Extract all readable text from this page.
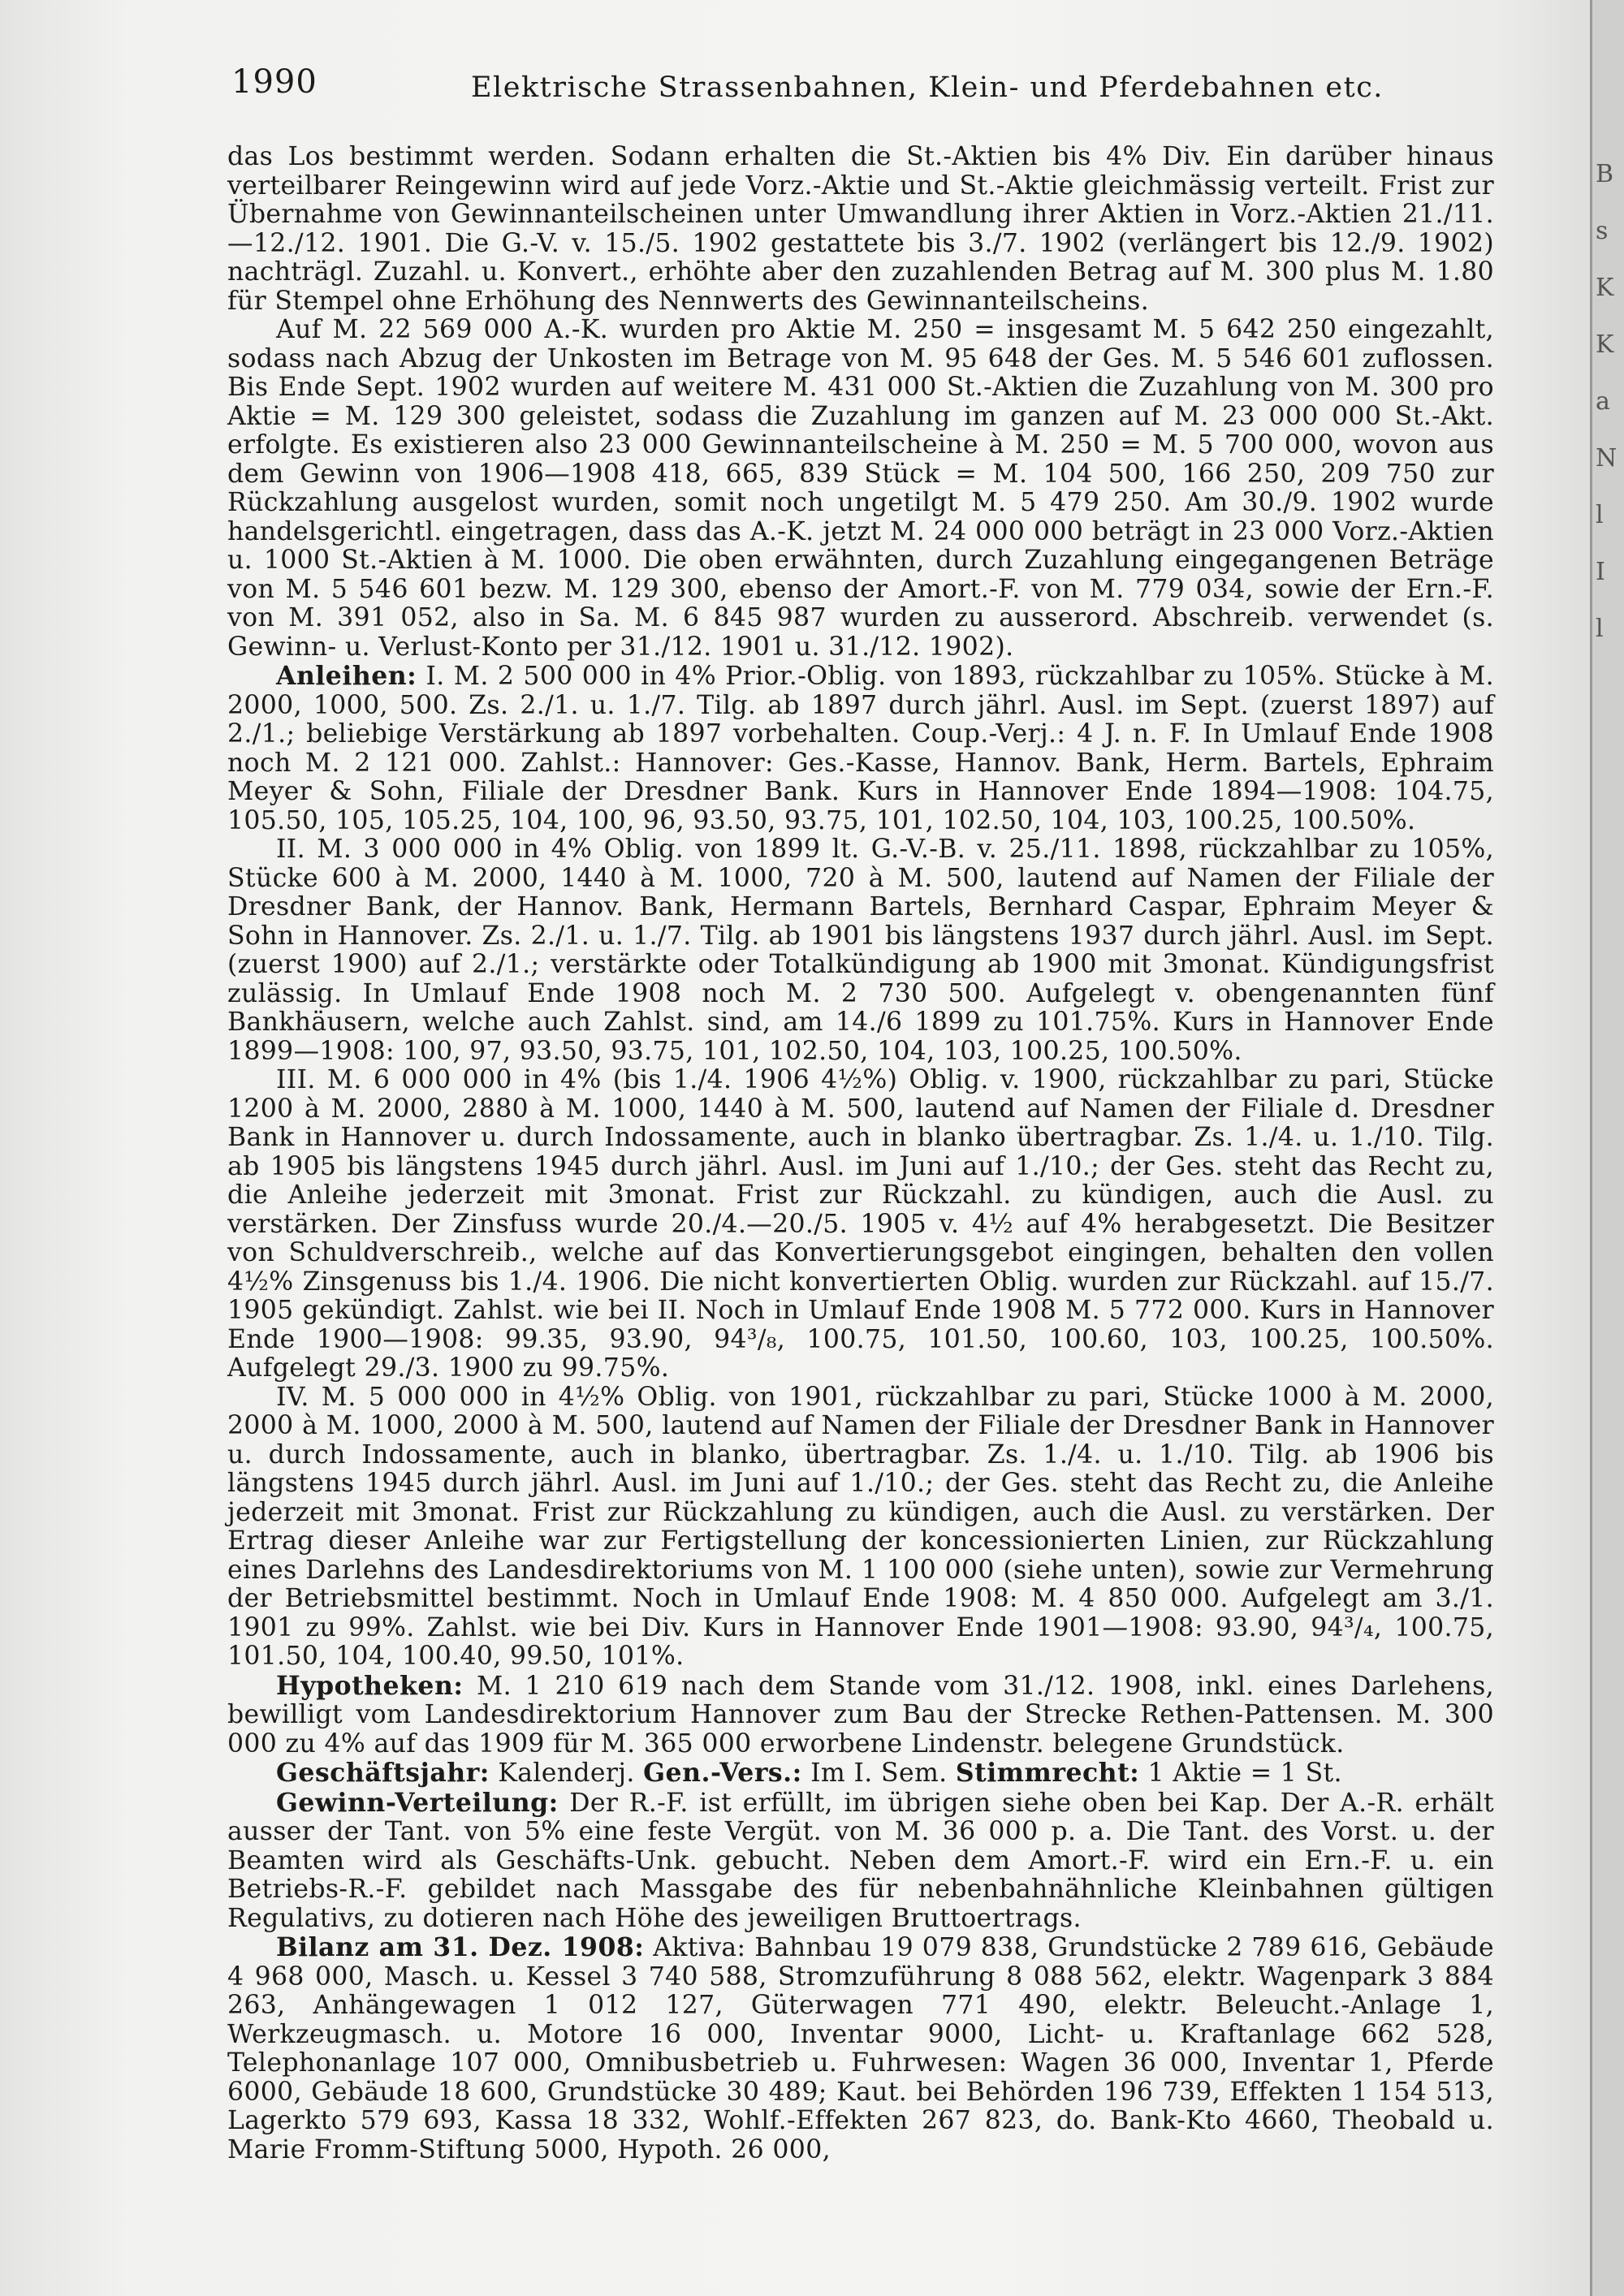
B
s
K
K
a
N
l
I
l
1990	Elektrische Strassenbahnen, Klein- und Pferdebahnen etc.

das Los bestimmt werden. Sodann erhalten die St.-Aktien bis 4% Div. Ein darüber hinaus verteilbarer Reingewinn wird auf jede Vorz.-Aktie und St.-Aktie gleichmässig verteilt. Frist zur Übernahme von Gewinnanteilscheinen unter Umwandlung ihrer Aktien in Vorz.-Aktien 21./11.—12./12. 1901. Die G.-V. v. 15./5. 1902 gestattete bis 3./7. 1902 (verlängert bis 12./9. 1902) nachträgl. Zuzahl. u. Konvert., erhöhte aber den zuzahlenden Betrag auf M. 300 plus M. 1.80 für Stempel ohne Erhöhung des Nennwerts des Gewinnanteilscheins.

Auf M. 22 569 000 A.-K. wurden pro Aktie M. 250 = insgesamt M. 5 642 250 eingezahlt, sodass nach Abzug der Unkosten im Betrage von M. 95 648 der Ges. M. 5 546 601 zuflossen. Bis Ende Sept. 1902 wurden auf weitere M. 431 000 St.-Aktien die Zuzahlung von M. 300 pro Aktie = M. 129 300 geleistet, sodass die Zuzahlung im ganzen auf M. 23 000 000 St.-Akt. erfolgte. Es existieren also 23 000 Gewinnanteilscheine à M. 250 = M. 5 700 000, wovon aus dem Gewinn von 1906—1908 418, 665, 839 Stück = M. 104 500, 166 250, 209 750 zur Rückzahlung ausgelost wurden, somit noch ungetilgt M. 5 479 250. Am 30./9. 1902 wurde handelsgerichtl. eingetragen, dass das A.-K. jetzt M. 24 000 000 beträgt in 23 000 Vorz.-Aktien u. 1000 St.-Aktien à M. 1000. Die oben erwähnten, durch Zuzahlung eingegangenen Beträge von M. 5 546 601 bezw. M. 129 300, ebenso der Amort.-F. von M. 779 034, sowie der Ern.-F. von M. 391 052, also in Sa. M. 6 845 987 wurden zu ausserord. Abschreib. verwendet (s. Gewinn- u. Verlust-Konto per 31./12. 1901 u. 31./12. 1902).

Anleihen: I. M. 2 500 000 in 4% Prior.-Oblig. von 1893, rückzahlbar zu 105%. Stücke à M. 2000, 1000, 500. Zs. 2./1. u. 1./7. Tilg. ab 1897 durch jährl. Ausl. im Sept. (zuerst 1897) auf 2./1.; beliebige Verstärkung ab 1897 vorbehalten. Coup.-Verj.: 4 J. n. F. In Umlauf Ende 1908 noch M. 2 121 000. Zahlst.: Hannover: Ges.-Kasse, Hannov. Bank, Herm. Bartels, Ephraim Meyer & Sohn, Filiale der Dresdner Bank. Kurs in Hannover Ende 1894—1908: 104.75, 105.50, 105, 105.25, 104, 100, 96, 93.50, 93.75, 101, 102.50, 104, 103, 100.25, 100.50%.

II. M. 3 000 000 in 4% Oblig. von 1899 lt. G.-V.-B. v. 25./11. 1898, rückzahlbar zu 105%, Stücke 600 à M. 2000, 1440 à M. 1000, 720 à M. 500, lautend auf Namen der Filiale der Dresdner Bank, der Hannov. Bank, Hermann Bartels, Bernhard Caspar, Ephraim Meyer & Sohn in Hannover. Zs. 2./1. u. 1./7. Tilg. ab 1901 bis längstens 1937 durch jährl. Ausl. im Sept. (zuerst 1900) auf 2./1.; verstärkte oder Totalkündigung ab 1900 mit 3monat. Kündigungsfrist zulässig. In Umlauf Ende 1908 noch M. 2 730 500. Aufgelegt v. obengenannten fünf Bankhäusern, welche auch Zahlst. sind, am 14./6 1899 zu 101.75%. Kurs in Hannover Ende 1899—1908: 100, 97, 93.50, 93.75, 101, 102.50, 104, 103, 100.25, 100.50%.

III. M. 6 000 000 in 4% (bis 1./4. 1906 4½%) Oblig. v. 1900, rückzahlbar zu pari, Stücke 1200 à M. 2000, 2880 à M. 1000, 1440 à M. 500, lautend auf Namen der Filiale d. Dresdner Bank in Hannover u. durch Indossamente, auch in blanko übertragbar. Zs. 1./4. u. 1./10. Tilg. ab 1905 bis längstens 1945 durch jährl. Ausl. im Juni auf 1./10.; der Ges. steht das Recht zu, die Anleihe jederzeit mit 3monat. Frist zur Rückzahl. zu kündigen, auch die Ausl. zu verstärken. Der Zinsfuss wurde 20./4.—20./5. 1905 v. 4½ auf 4% herabgesetzt. Die Besitzer von Schuldverschreib., welche auf das Konvertierungsgebot eingingen, behalten den vollen 4½% Zinsgenuss bis 1./4. 1906. Die nicht konvertierten Oblig. wurden zur Rückzahl. auf 15./7. 1905 gekündigt. Zahlst. wie bei II. Noch in Umlauf Ende 1908 M. 5 772 000. Kurs in Hannover Ende 1900—1908: 99.35, 93.90, 94³/₈, 100.75, 101.50, 100.60, 103, 100.25, 100.50%. Aufgelegt 29./3. 1900 zu 99.75%.

IV. M. 5 000 000 in 4½% Oblig. von 1901, rückzahlbar zu pari, Stücke 1000 à M. 2000, 2000 à M. 1000, 2000 à M. 500, lautend auf Namen der Filiale der Dresdner Bank in Hannover u. durch Indossamente, auch in blanko, übertragbar. Zs. 1./4. u. 1./10. Tilg. ab 1906 bis längstens 1945 durch jährl. Ausl. im Juni auf 1./10.; der Ges. steht das Recht zu, die Anleihe jederzeit mit 3monat. Frist zur Rückzahlung zu kündigen, auch die Ausl. zu verstärken. Der Ertrag dieser Anleihe war zur Fertigstellung der koncessionierten Linien, zur Rückzahlung eines Darlehns des Landesdirektoriums von M. 1 100 000 (siehe unten), sowie zur Vermehrung der Betriebsmittel bestimmt. Noch in Umlauf Ende 1908: M. 4 850 000. Aufgelegt am 3./1. 1901 zu 99%. Zahlst. wie bei Div. Kurs in Hannover Ende 1901—1908: 93.90, 94³/₄, 100.75, 101.50, 104, 100.40, 99.50, 101%.

Hypotheken: M. 1 210 619 nach dem Stande vom 31./12. 1908, inkl. eines Darlehens, bewilligt vom Landesdirektorium Hannover zum Bau der Strecke Rethen-Pattensen. M. 300 000 zu 4% auf das 1909 für M. 365 000 erworbene Lindenstr. belegene Grundstück.

Geschäftsjahr: Kalenderj. Gen.-Vers.: Im I. Sem. Stimmrecht: 1 Aktie = 1 St.

Gewinn-Verteilung: Der R.-F. ist erfüllt, im übrigen siehe oben bei Kap. Der A.-R. erhält ausser der Tant. von 5% eine feste Vergüt. von M. 36 000 p. a. Die Tant. des Vorst. u. der Beamten wird als Geschäfts-Unk. gebucht. Neben dem Amort.-F. wird ein Ern.-F. u. ein Betriebs-R.-F. gebildet nach Massgabe des für nebenbahnähnliche Kleinbahnen gültigen Regulativs, zu dotieren nach Höhe des jeweiligen Bruttoertrags.

Bilanz am 31. Dez. 1908: Aktiva: Bahnbau 19 079 838, Grundstücke 2 789 616, Gebäude 4 968 000, Masch. u. Kessel 3 740 588, Stromzuführung 8 088 562, elektr. Wagenpark 3 884 263, Anhängewagen 1 012 127, Güterwagen 771 490, elektr. Beleucht.-Anlage 1, Werkzeugmasch. u. Motore 16 000, Inventar 9000, Licht- u. Kraftanlage 662 528, Telephonanlage 107 000, Omnibusbetrieb u. Fuhrwesen: Wagen 36 000, Inventar 1, Pferde 6000, Gebäude 18 600, Grundstücke 30 489; Kaut. bei Behörden 196 739, Effekten 1 154 513, Lagerkto 579 693, Kassa 18 332, Wohlf.-Effekten 267 823, do. Bank-Kto 4660, Theobald u. Marie Fromm-Stiftung 5000, Hypoth. 26 000,
